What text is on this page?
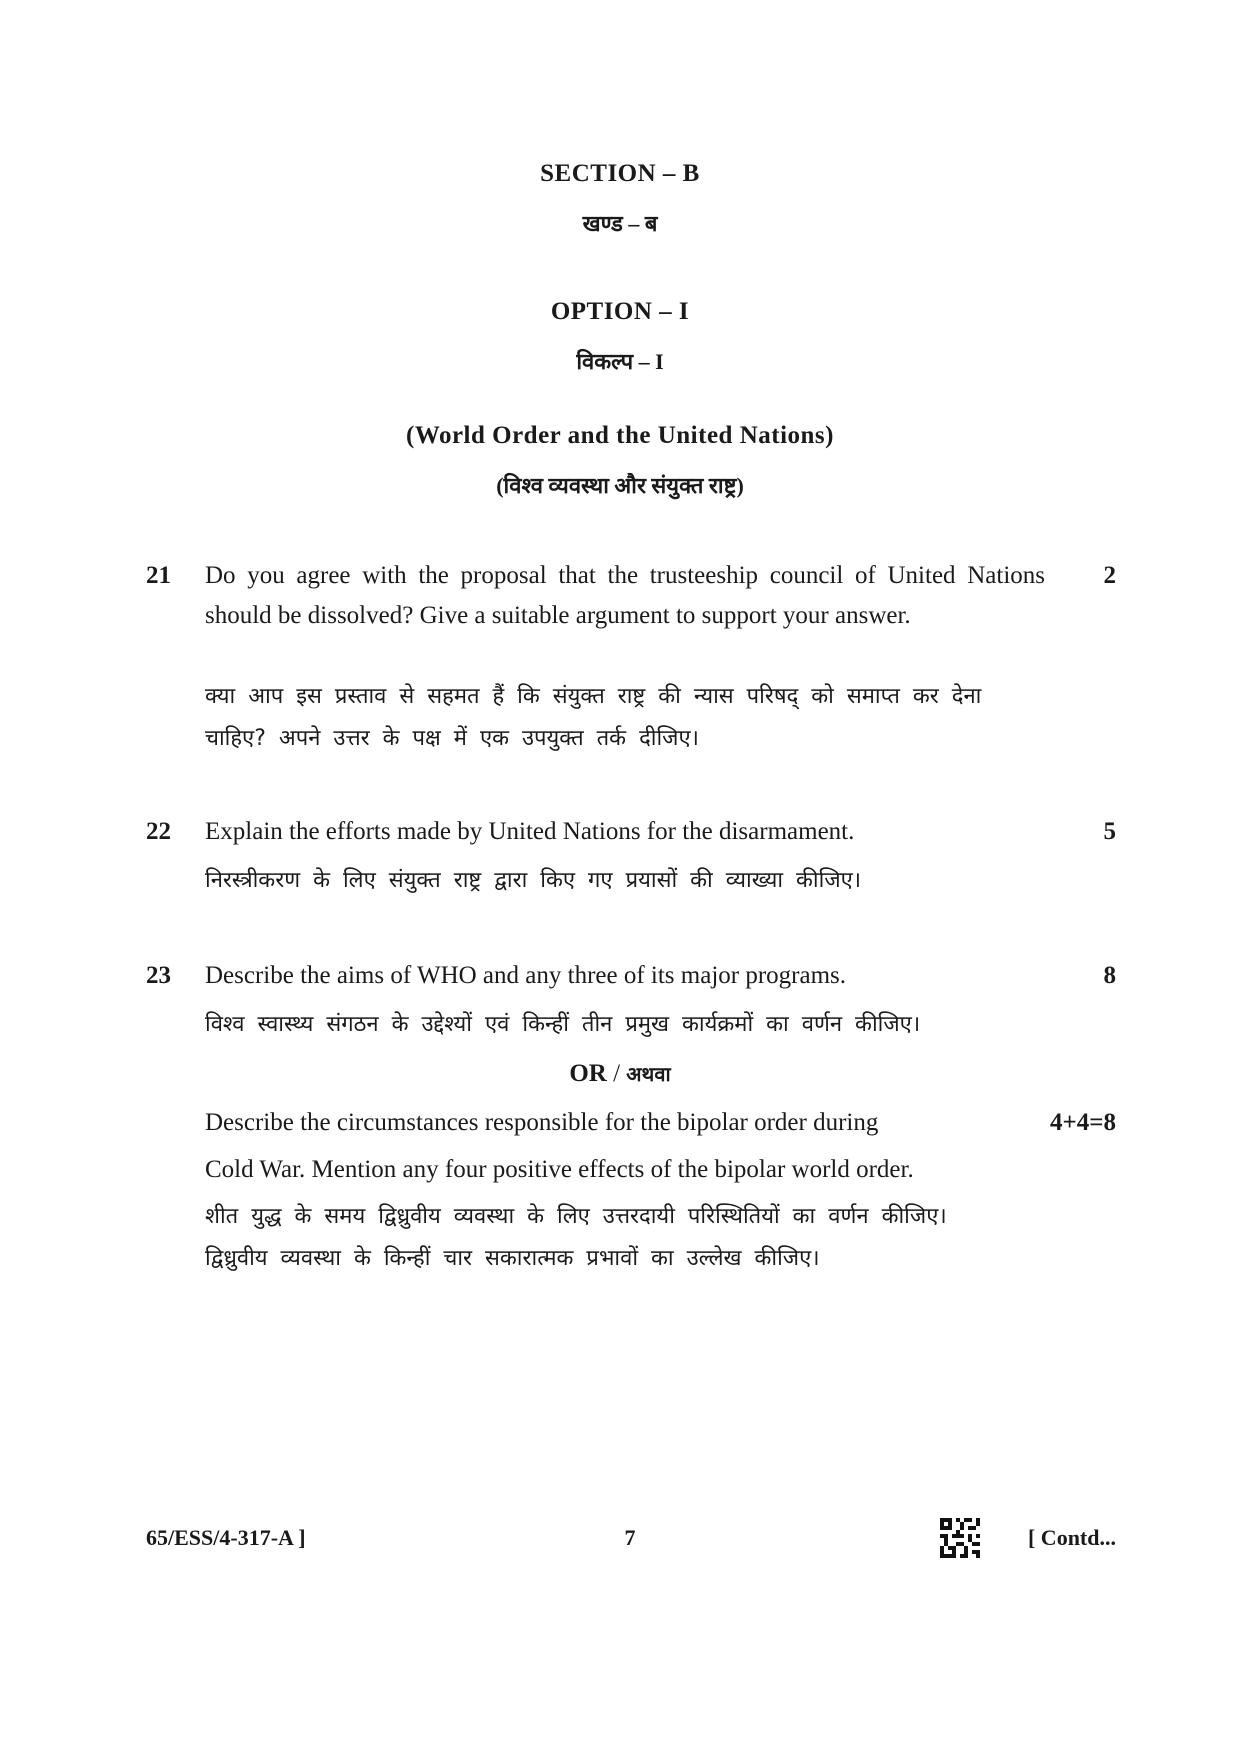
SECTION – B
खण्ड – ब
OPTION – I
विकल्प – I
(World Order and the United Nations)
(विश्व व्यवस्था और संयुक्त राष्ट्र)
21 Do you agree with the proposal that the trusteeship council of United Nations should be dissolved? Give a suitable argument to support your answer.
2
क्या आप इस प्रस्ताव से सहमत हैं कि संयुक्त राष्ट्र की न्यास परिषद् को समाप्त कर देना चाहिए? अपने उत्तर के पक्ष में एक उपयुक्त तर्क दीजिए।
22 Explain the efforts made by United Nations for the disarmament.	5
निरस्त्रीकरण के लिए संयुक्त राष्ट्र द्वारा किए गए प्रयासों की व्याख्या कीजिए।
23 Describe the aims of WHO and any three of its major programs.	8
विश्व स्वास्थ्य संगठन के उद्देश्यों एवं किन्हीं तीन प्रमुख कार्यक्रमों का वर्णन कीजिए।
OR / अथवा
Describe the circumstances responsible for the bipolar order during	4+4=8
Cold War. Mention any four positive effects of the bipolar world order.
शीत युद्ध के समय द्विध्रुवीय व्यवस्था के लिए उत्तरदायी परिस्थितियों का वर्णन कीजिए।
द्विध्रुवीय व्यवस्था के किन्हीं चार सकारात्मक प्रभावों का उल्लेख कीजिए।
65/ESS/4-317-A ]	7	[ Contd...
